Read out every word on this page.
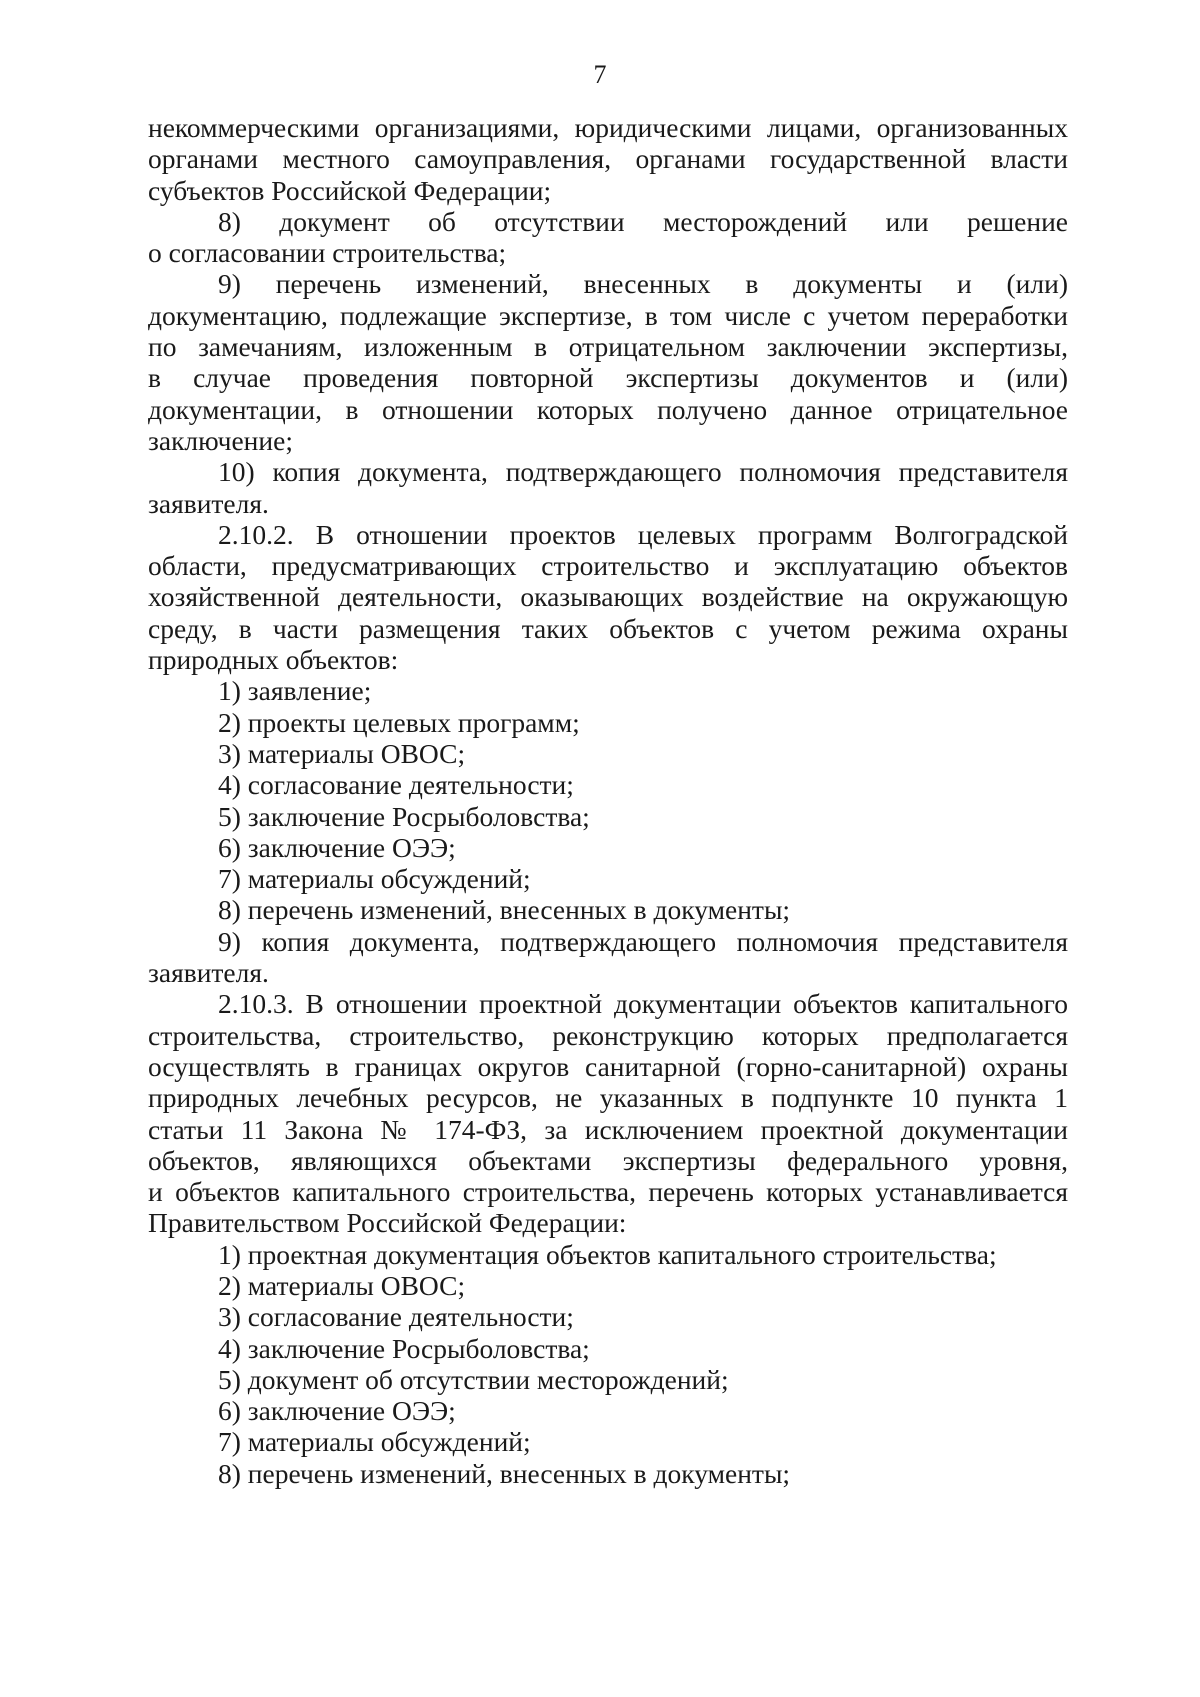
7
некоммерческими организациями, юридическими лицами, организованных
органами местного самоуправления, органами государственной власти
субъектов Российской Федерации;
8) документ об отсутствии месторождений или решение
о согласовании строительства;
9) перечень изменений, внесенных в документы и (или)
документацию, подлежащие экспертизе, в том числе с учетом переработки
по замечаниям, изложенным в отрицательном заключении экспертизы,
в случае проведения повторной экспертизы документов и (или)
документации, в отношении которых получено данное отрицательное
заключение;
10) копия документа, подтверждающего полномочия представителя
заявителя.
2.10.2. В отношении проектов целевых программ Волгоградской
области, предусматривающих строительство и эксплуатацию объектов
хозяйственной деятельности, оказывающих воздействие на окружающую
среду, в части размещения таких объектов с учетом режима охраны
природных объектов:
1) заявление;
2) проекты целевых программ;
3) материалы ОВОС;
4) согласование деятельности;
5) заключение Росрыболовства;
6) заключение ОЭЭ;
7) материалы обсуждений;
8) перечень изменений, внесенных в документы;
9) копия документа, подтверждающего полномочия представителя
заявителя.
2.10.3. В отношении проектной документации объектов капитального
строительства, строительство, реконструкцию которых предполагается
осуществлять в границах округов санитарной (горно-санитарной) охраны
природных лечебных ресурсов, не указанных в подпункте 10 пункта 1
статьи 11 Закона № 174-ФЗ, за исключением проектной документации
объектов, являющихся объектами экспертизы федерального уровня,
и объектов капитального строительства, перечень которых устанавливается
Правительством Российской Федерации:
1) проектная документация объектов капитального строительства;
2) материалы ОВОС;
3) согласование деятельности;
4) заключение Росрыболовства;
5) документ об отсутствии месторождений;
6) заключение ОЭЭ;
7) материалы обсуждений;
8) перечень изменений, внесенных в документы;
